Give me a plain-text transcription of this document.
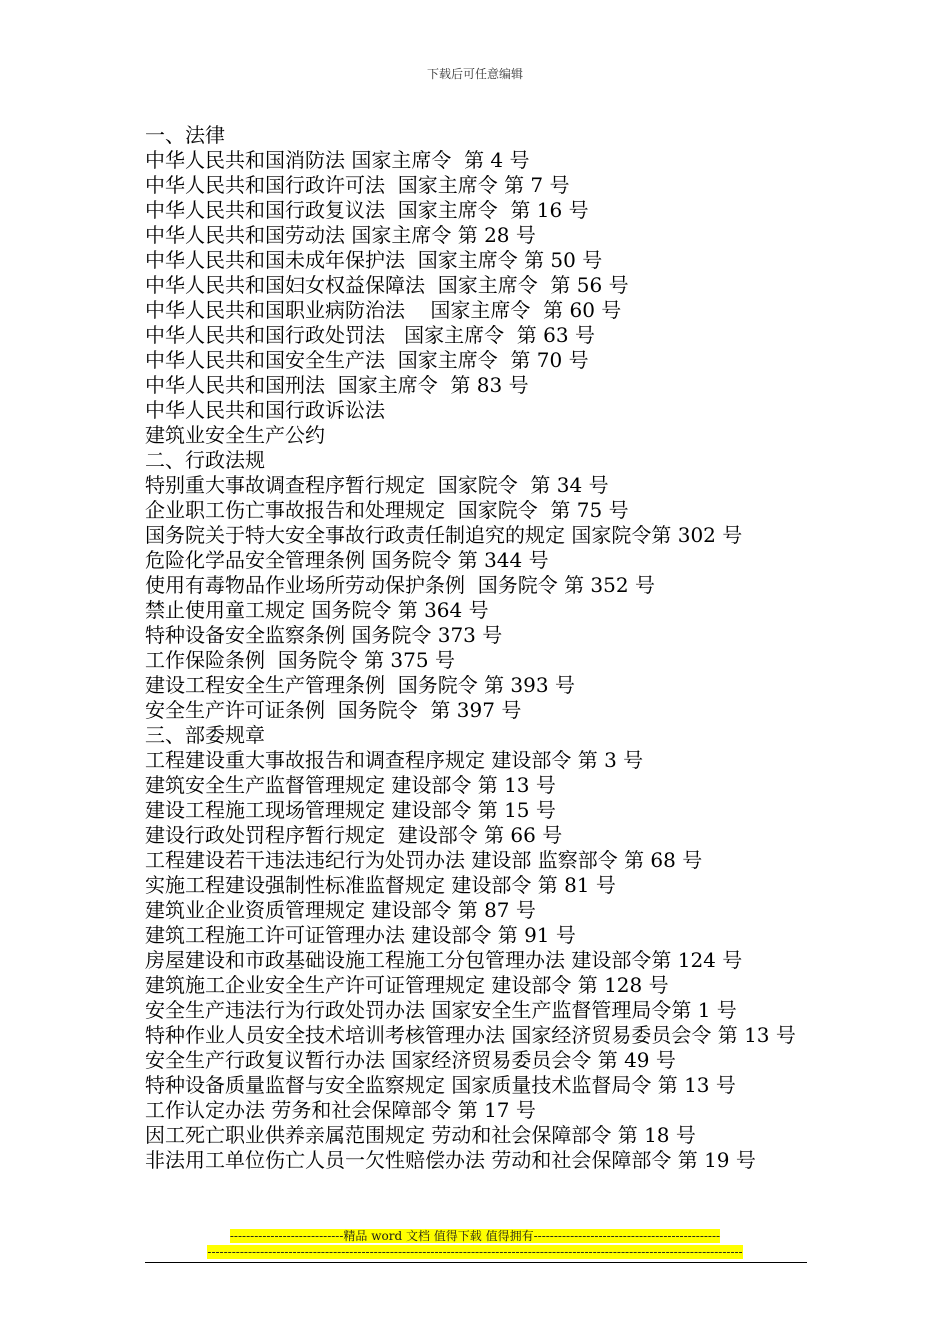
下载后可任意编辑
一、法律
中华人民共和国消防法 国家主席令  第 4 号
中华人民共和国行政许可法  国家主席令 第 7 号
中华人民共和国行政复议法  国家主席令  第 16 号
中华人民共和国劳动法 国家主席令 第 28 号
中华人民共和国未成年保护法  国家主席令 第 50 号
中华人民共和国妇女权益保障法  国家主席令  第 56 号
中华人民共和国职业病防治法    国家主席令  第 60 号
中华人民共和国行政处罚法   国家主席令  第 63 号
中华人民共和国安全生产法  国家主席令  第 70 号
中华人民共和国刑法  国家主席令  第 83 号
中华人民共和国行政诉讼法
建筑业安全生产公约
二、行政法规
特别重大事故调查程序暂行规定  国家院令  第 34 号
企业职工伤亡事故报告和处理规定  国家院令  第 75 号
国务院关于特大安全事故行政责任制追究的规定 国家院令第 302 号
危险化学品安全管理条例 国务院令 第 344 号
使用有毒物品作业场所劳动保护条例  国务院令 第 352 号
禁止使用童工规定 国务院令 第 364 号
特种设备安全监察条例 国务院令 373 号
工作保险条例  国务院令 第 375 号
建设工程安全生产管理条例  国务院令 第 393 号
安全生产许可证条例  国务院令  第 397 号
三、部委规章
工程建设重大事故报告和调查程序规定 建设部令 第 3 号
建筑安全生产监督管理规定 建设部令 第 13 号
建设工程施工现场管理规定 建设部令 第 15 号
建设行政处罚程序暂行规定  建设部令 第 66 号
工程建设若干违法违纪行为处罚办法 建设部 监察部令 第 68 号
实施工程建设强制性标准监督规定 建设部令 第 81 号
建筑业企业资质管理规定 建设部令 第 87 号
建筑工程施工许可证管理办法 建设部令 第 91 号
房屋建设和市政基础设施工程施工分包管理办法 建设部令第 124 号
建筑施工企业安全生产许可证管理规定 建设部令 第 128 号
安全生产违法行为行政处罚办法 国家安全生产监督管理局令第 1 号
特种作业人员安全技术培训考核管理办法 国家经济贸易委员会令 第 13 号
安全生产行政复议暂行办法 国家经济贸易委员会令 第 49 号
特种设备质量监督与安全监察规定 国家质量技术监督局令 第 13 号
工作认定办法 劳务和社会保障部令 第 17 号
因工死亡职业供养亲属范围规定 劳动和社会保障部令 第 18 号
非法用工单位伤亡人员一欠性赔偿办法 劳动和社会保障部令 第 19 号
----------------------------精品 word 文档 值得下载 值得拥有----------------------------------------------
------------------------------------------------------------------------------------------------------------------------------------
